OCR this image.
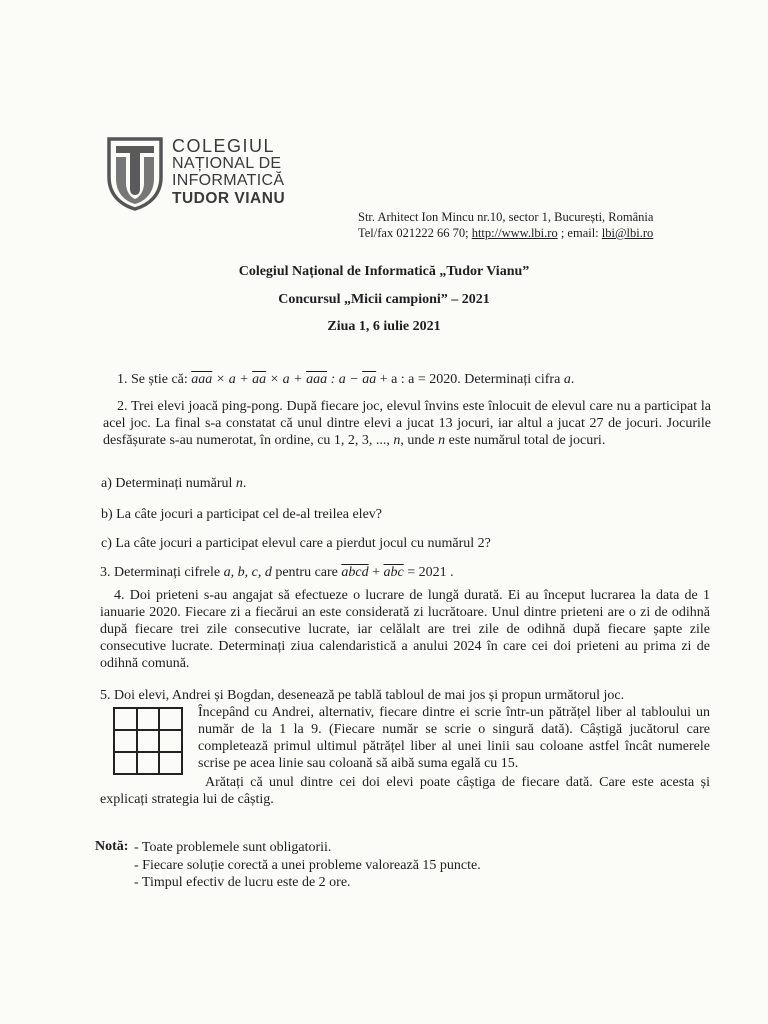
COLEGIUL
NAȚIONAL DE
INFORMATICĂ
TUDOR VIANU
Str. Arhitect Ion Mincu nr.10, sector 1, București, România
Tel/fax 021222 66 70; http://www.lbi.ro ; email: lbi@lbi.ro
Colegiul Național de Informatică „Tudor Vianu”
Concursul „Micii campioni” – 2021
Ziua 1, 6 iulie 2021
1. Se știe că: $\overline{aaa} \times a + \overline{aa} \times a + \overline{aaa}$ : $a - \overline{aa} + a$ : a = 2020. Determinați cifra a.
2. Trei elevi joacă ping-pong. După fiecare joc, elevul învins este înlocuit de elevul care nu a participat la acel joc. La final s-a constatat că unul dintre elevi a jucat 13 jocuri, iar altul a jucat 27 de jocuri. Jocurile desfășurate s-au numerotat, în ordine, cu 1, 2, 3, ..., n, unde n este numărul total de jocuri.
a) Determinați numărul n.
b) La câte jocuri a participat cel de-al treilea elev?
c) La câte jocuri a participat elevul care a pierdut jocul cu numărul 2?
3. Determinați cifrele a, b, c, d pentru care abcd + $\overline{abc} = 2021$ .
4. Doi prieteni s-au angajat să efectueze o lucrare de lungă durată. Ei au început lucrarea la data de 1 ianuarie 2020. Fiecare zi a fiecărui an este considerată zi lucrătoare. Unul dintre prieteni are o zi de odihnă după fiecare trei zile consecutive lucrate, iar celălalt are trei zile de odihnă după fiecare șapte zile consecutive lucrate. Determinați ziua calendaristică a anului 2024 în care cei doi prieteni au prima zi de odihnă comună.
5. Doi elevi, Andrei și Bogdan, desenează pe tablă tabloul de mai jos și propun următorul joc.
Începând cu Andrei, alternativ, fiecare dintre ei scrie într-un pătrățel liber al tabloului un număr de la 1 la 9. (Fiecare număr se scrie o singură dată). Câștigă jucătorul care completează primul ultimul pătrățel liber al unei linii sau coloane astfel încât numerele scrise pe acea linie sau coloană să aibă suma egală cu 15.
Arătați că unul dintre cei doi elevi poate câștiga de fiecare dată. Care este acesta și explicați strategia lui de câștig.
Notă: - Toate problemele sunt obligatorii.
- Fiecare soluție corectă a unei probleme valorează 15 puncte.
- Timpul efectiv de lucru este de 2 ore.
